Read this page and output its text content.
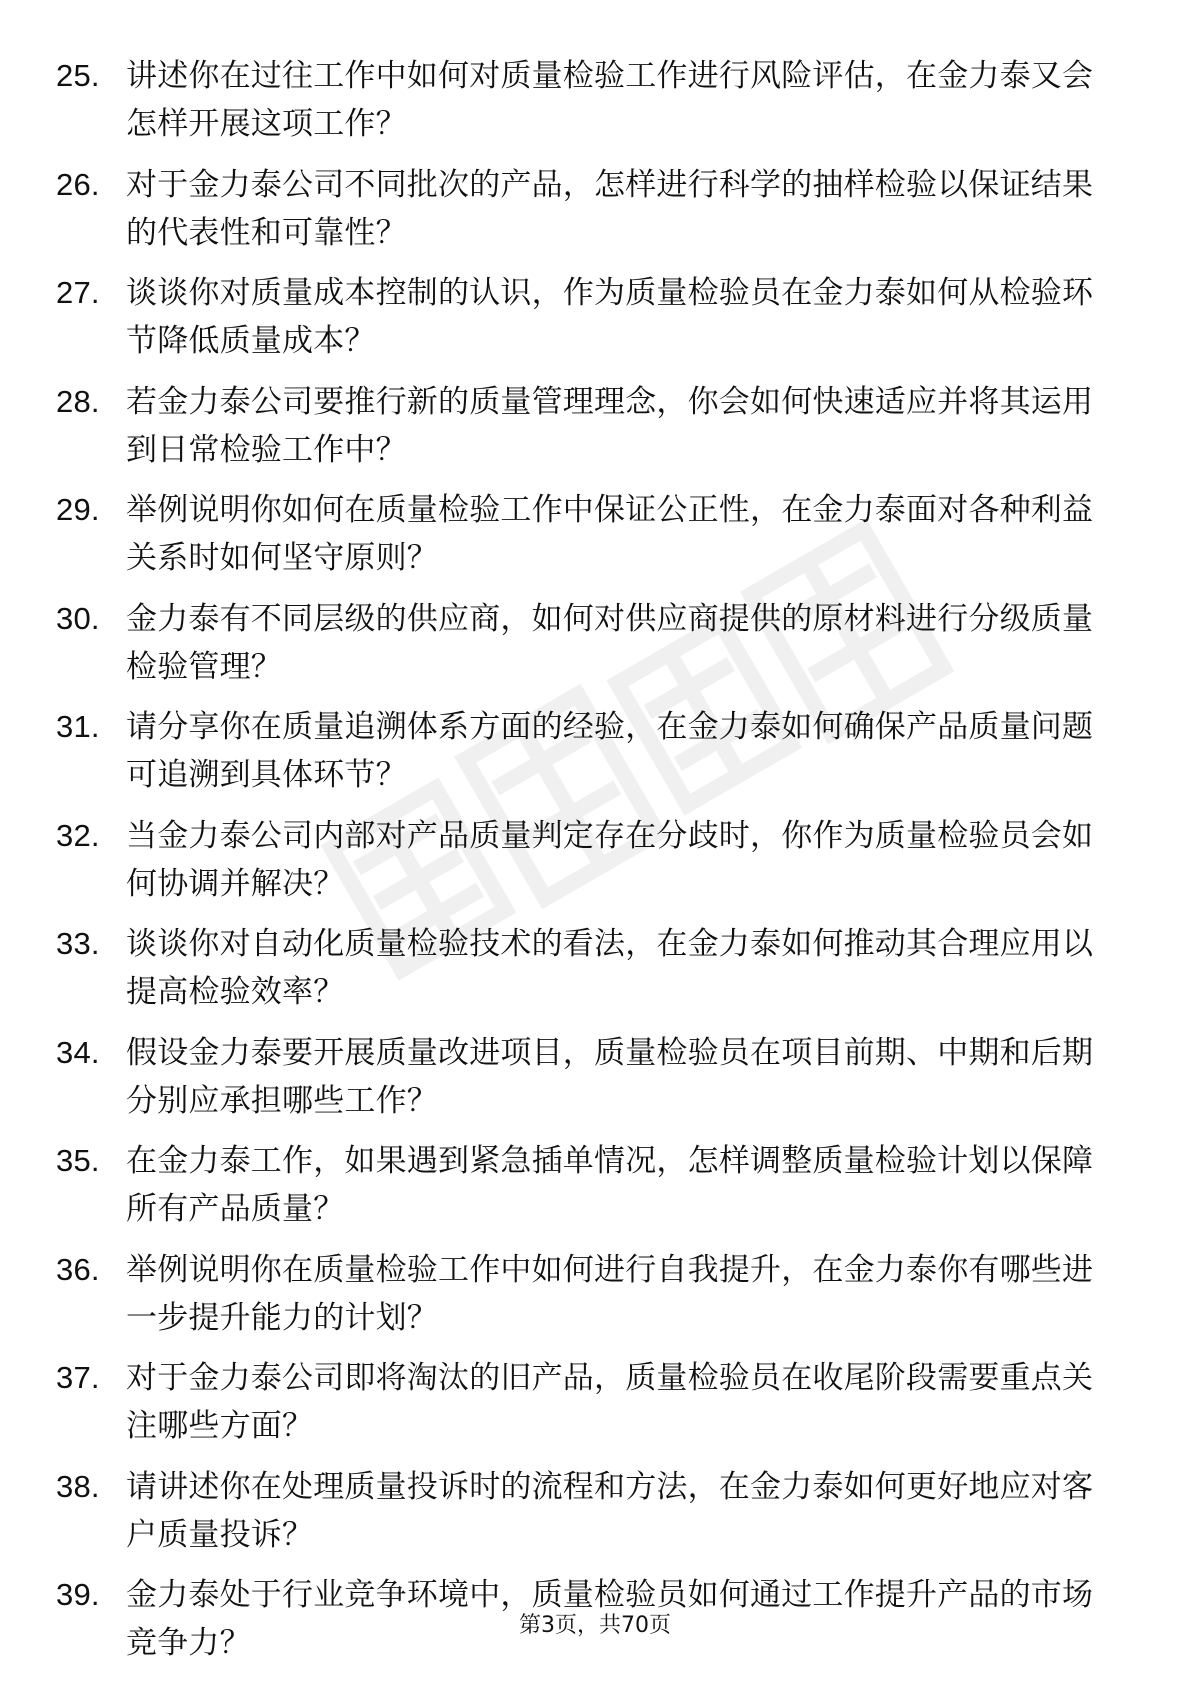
25. 讲述你在过往工作中如何对质量检验工作进行风险评估，在金力泰又会怎样开展这项工作？
26. 对于金力泰公司不同批次的产品，怎样进行科学的抽样检验以保证结果的代表性和可靠性？
27. 谈谈你对质量成本控制的认识，作为质量检验员在金力泰如何从检验环节降低质量成本？
28. 若金力泰公司要推行新的质量管理理念，你会如何快速适应并将其运用到日常检验工作中？
29. 举例说明你如何在质量检验工作中保证公正性，在金力泰面对各种利益关系时如何坚守原则？
30. 金力泰有不同层级的供应商，如何对供应商提供的原材料进行分级质量检验管理？
31. 请分享你在质量追溯体系方面的经验，在金力泰如何确保产品质量问题可追溯到具体环节？
32. 当金力泰公司内部对产品质量判定存在分歧时，你作为质量检验员会如何协调并解决？
33. 谈谈你对自动化质量检验技术的看法，在金力泰如何推动其合理应用以提高检验效率？
34. 假设金力泰要开展质量改进项目，质量检验员在项目前期、中期和后期分别应承担哪些工作？
35. 在金力泰工作，如果遇到紧急插单情况，怎样调整质量检验计划以保障所有产品质量？
36. 举例说明你在质量检验工作中如何进行自我提升，在金力泰你有哪些进一步提升能力的计划？
37. 对于金力泰公司即将淘汰的旧产品，质量检验员在收尾阶段需要重点关注哪些方面？
38. 请讲述你在处理质量投诉时的流程和方法，在金力泰如何更好地应对客户质量投诉？
39. 金力泰处于行业竞争环境中，质量检验员如何通过工作提升产品的市场竞争力？	第3页，共70页
